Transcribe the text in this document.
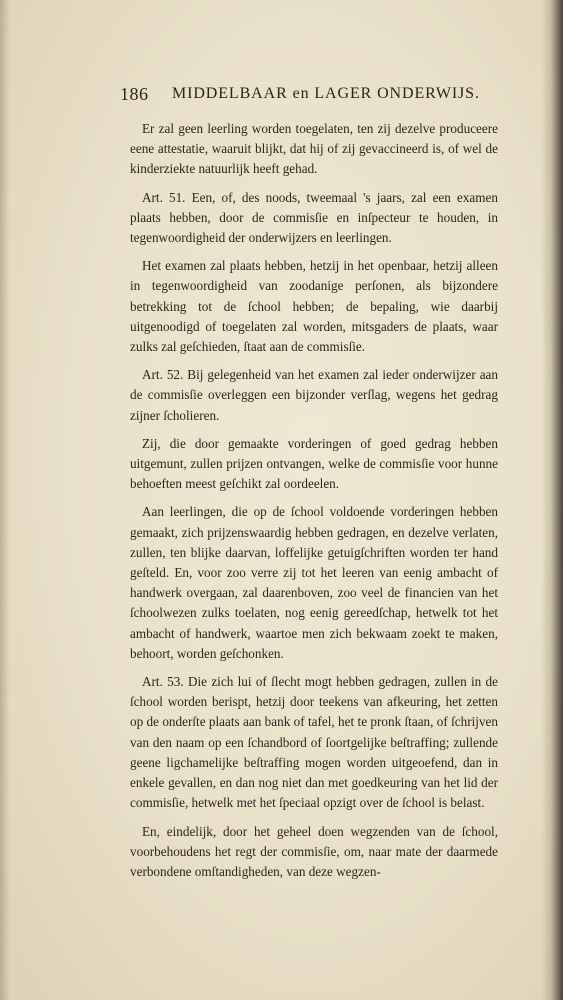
186 MIDDELBAAR en LAGER ONDERWIJS.

Er zal geen leerling worden toegelaten, ten zij dezelve produceere eene attestatie, waaruit blijkt, dat hij of zij gevaccineerd is, of wel de kinderziekte natuurlijk heeft gehad.

Art. 51. Een, of, des noods, tweemaal 's jaars, zal een examen plaats hebben, door de commisſie en inſpecteur te houden, in tegenwoordigheid der onderwijzers en leerlingen.

Het examen zal plaats hebben, hetzij in het openbaar, hetzij alleen in tegenwoordigheid van zoodanige perſonen, als bijzondere betrekking tot de ſchool hebben; de bepaling, wie daarbij uitgenoodigd of toegelaten zal worden, mitsgaders de plaats, waar zulks zal geſchieden, ſtaat aan de commisſie.

Art. 52. Bij gelegenheid van het examen zal ieder onderwijzer aan de commisſie overleggen een bijzonder verſlag, wegens het gedrag zijner ſcholieren.

Zij, die door gemaakte vorderingen of goed gedrag hebben uitgemunt, zullen prijzen ontvangen, welke de commisſie voor hunne behoeften meest geſchikt zal oordeelen.

Aan leerlingen, die op de ſchool voldoende vorderingen hebben gemaakt, zich prijzenswaardig hebben gedragen, en dezelve verlaten, zullen, ten blijke daarvan, loffelijke getuigſchriften worden ter hand geſteld. En, voor zoo verre zij tot het leeren van eenig ambacht of handwerk overgaan, zal daarenboven, zoo veel de financien van het ſchoolwezen zulks toelaten, nog eenig gereedſchap, hetwelk tot het ambacht of handwerk, waartoe men zich bekwaam zoekt te maken, behoort, worden geſchonken.

Art. 53. Die zich lui of ſlecht mogt hebben gedragen, zullen in de ſchool worden berispt, hetzij door teekens van afkeuring, het zetten op de onderſte plaats aan bank of tafel, het te pronk ſtaan, of ſchrijven van den naam op een ſchandbord of ſoortgelijke beſtraffing; zullende geene ligchamelijke beſtraffing mogen worden uitgeoefend, dan in enkele gevallen, en dan nog niet dan met goedkeuring van het lid der commisſie, hetwelk met het ſpeciaal opzigt over de ſchool is belast.

En, eindelijk, door het geheel doen wegzenden van de ſchool, voorbehoudens het regt der commisſie, om, naar mate der daarmede verbondene omſtandigheden, van deze wegzen-
